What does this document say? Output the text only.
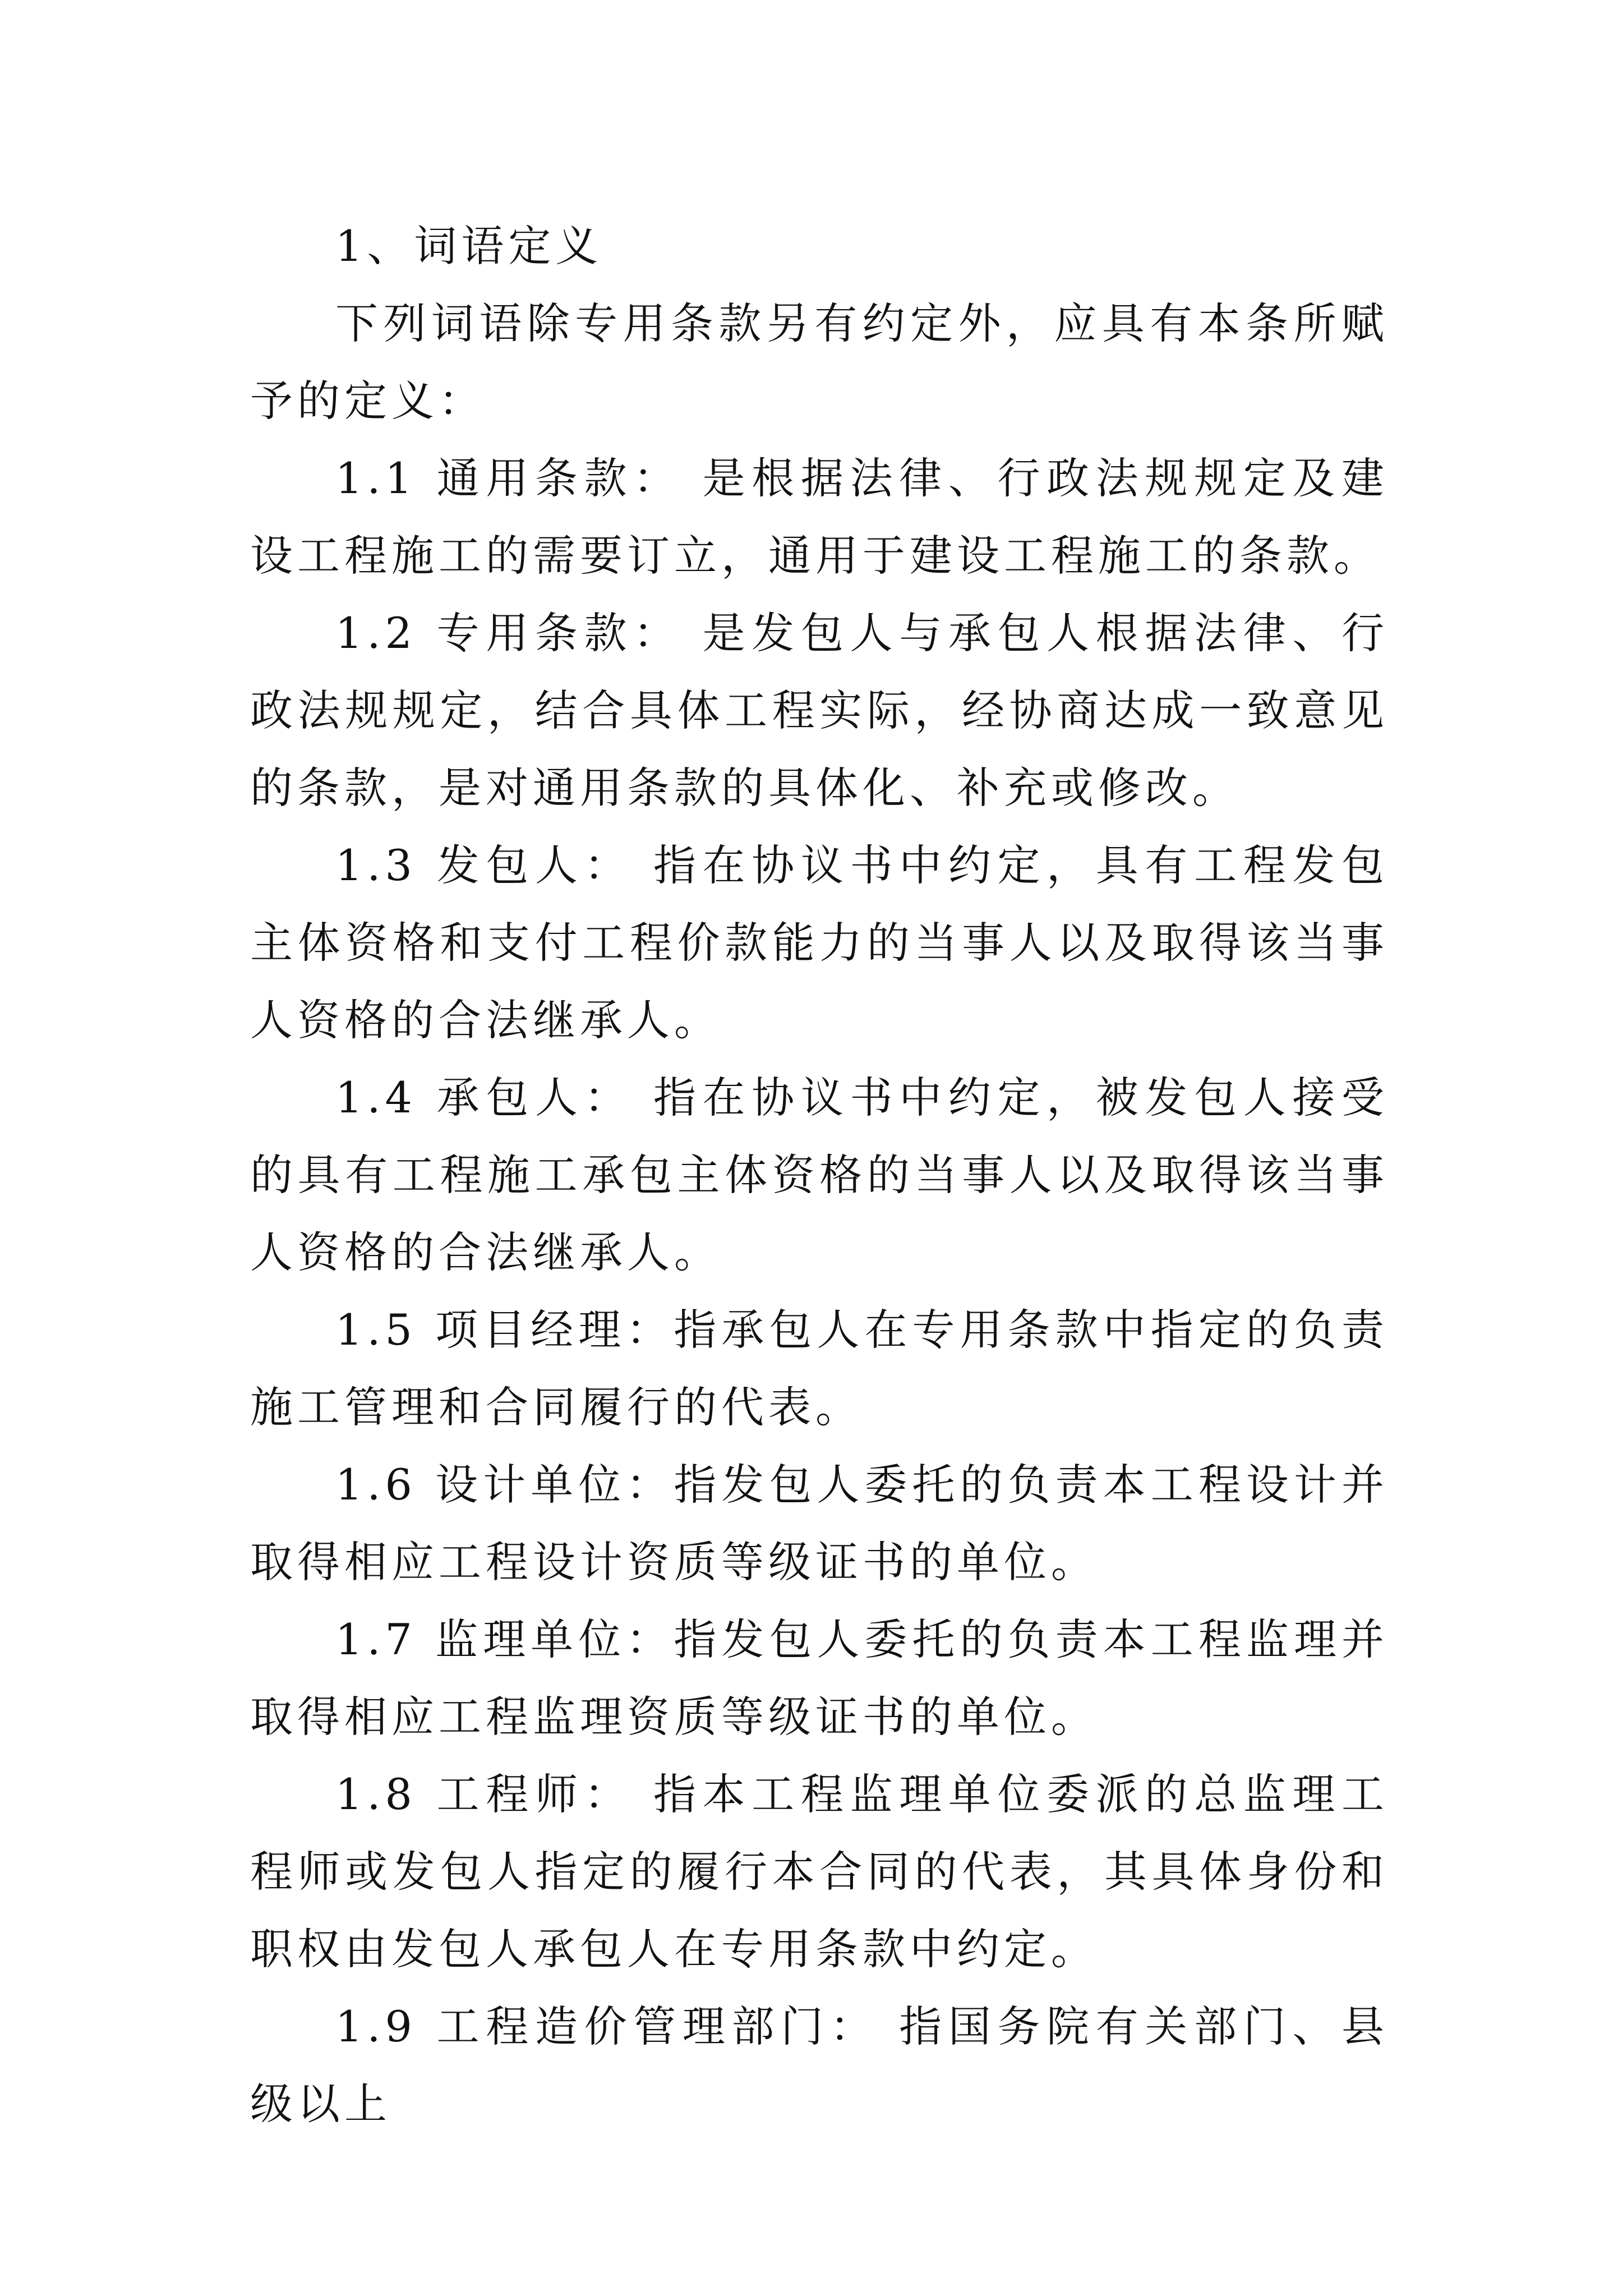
1、词语定义

下列词语除专用条款另有约定外，应具有本条所赋予的定义：

1.1 通用条款： 是根据法律、行政法规规定及建设工程施工的需要订立，通用于建设工程施工的条款。

1.2 专用条款： 是发包人与承包人根据法律、行政法规规定，结合具体工程实际，经协商达成一致意见的条款，是对通用条款的具体化、补充或修改。

1.3 发包人： 指在协议书中约定，具有工程发包主体资格和支付工程价款能力的当事人以及取得该当事人资格的合法继承人。

1.4 承包人： 指在协议书中约定，被发包人接受的具有工程施工承包主体资格的当事人以及取得该当事人资格的合法继承人。

1.5 项目经理：指承包人在专用条款中指定的负责施工管理和合同履行的代表。

1.6 设计单位：指发包人委托的负责本工程设计并取得相应工程设计资质等级证书的单位。

1.7 监理单位：指发包人委托的负责本工程监理并取得相应工程监理资质等级证书的单位。

1.8 工程师： 指本工程监理单位委派的总监理工程师或发包人指定的履行本合同的代表，其具体身份和职权由发包人承包人在专用条款中约定。

1.9 工程造价管理部门： 指国务院有关部门、县级以上
